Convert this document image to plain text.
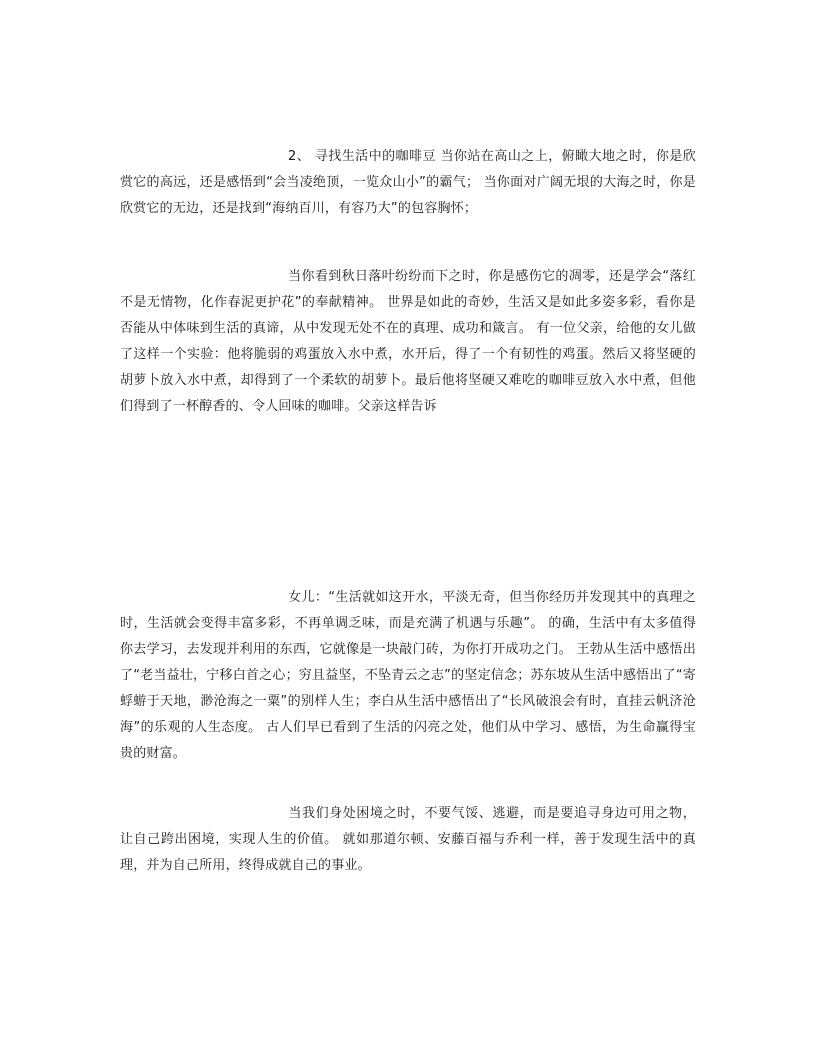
2、 寻找生活中的咖啡豆 当你站在高山之上，俯瞰大地之时，你是欣赏它的高远，还是感悟到“会当凌绝顶，一览众山小”的霸气； 当你面对广阔无垠的大海之时，你是欣赏它的无边，还是找到“海纳百川，有容乃大”的包容胸怀；

当你看到秋日落叶纷纷而下之时，你是感伤它的凋零，还是学会“落红不是无情物，化作春泥更护花”的奉献精神。 世界是如此的奇妙，生活又是如此多姿多彩，看你是否能从中体味到生活的真谛，从中发现无处不在的真理、成功和箴言。 有一位父亲，给他的女儿做了这样一个实验：他将脆弱的鸡蛋放入水中煮，水开后，得了一个有韧性的鸡蛋。然后又将坚硬的胡萝卜放入水中煮，却得到了一个柔软的胡萝卜。最后他将坚硬又难吃的咖啡豆放入水中煮，但他们得到了一杯醇香的、令人回味的咖啡。父亲这样告诉

女儿：“生活就如这开水，平淡无奇，但当你经历并发现其中的真理之时，生活就会变得丰富多彩，不再单调乏味，而是充满了机遇与乐趣”。 的确，生活中有太多值得你去学习，去发现并利用的东西，它就像是一块敲门砖，为你打开成功之门。 王勃从生活中感悟出了“老当益壮，宁移白首之心；穷且益坚，不坠青云之志”的坚定信念；苏东坡从生活中感悟出了“寄蜉蝣于天地，渺沧海之一粟”的别样人生；李白从生活中感悟出了“长风破浪会有时，直挂云帆济沧海”的乐观的人生态度。 古人们早已看到了生活的闪亮之处，他们从中学习、感悟，为生命赢得宝贵的财富。

当我们身处困境之时，不要气馁、逃避，而是要追寻身边可用之物，让自己跨出困境，实现人生的价值。 就如那道尔顿、安藤百福与乔利一样，善于发现生活中的真理，并为自己所用，终得成就自己的事业。
